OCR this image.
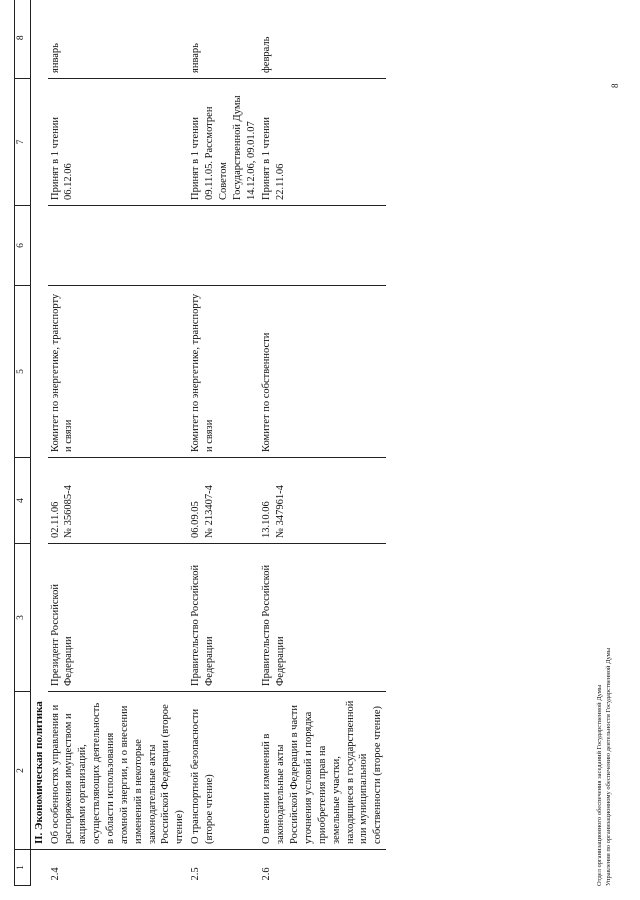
1	2	3	4	5	6	7	8
	II. Экономическая политика						
2.4	Об особенностях управления и распоряжения имуществом и акциями организаций, осуществляющих деятельность в области использования атомной энергии, и о внесении изменений в некоторые законодательные акты Российской Федерации (второе чтение)	Президент Российской Федерации	02.11.06 № 356085-4	Комитет по энергетике, транспорту и связи		Принят в 1 чтении 06.12.06	январь
2.5	О транспортной безопасности (второе чтение)	Правительство Российской Федерации	06.09.05 № 213407-4	Комитет по энергетике, транспорту и связи		Принят в 1 чтении 09.11.05. Рассмотрен Советом Государственной Думы 14.12.06, 09.01.07	январь
2.6	О внесении изменений в законодательные акты Российской Федерации в части уточнения условий и порядка приобретения прав на земельные участки, находящиеся в государственной или муниципальной собственности (второе чтение)	Правительство Российской Федерации	13.10.06 № 347961-4	Комитет по собственности		Принят в 1 чтении 22.11.06	февраль
Отдел организационного обеспечения заседаний Государственной Думы Управления по организационному обеспечению деятельности Государственной Думы
8
